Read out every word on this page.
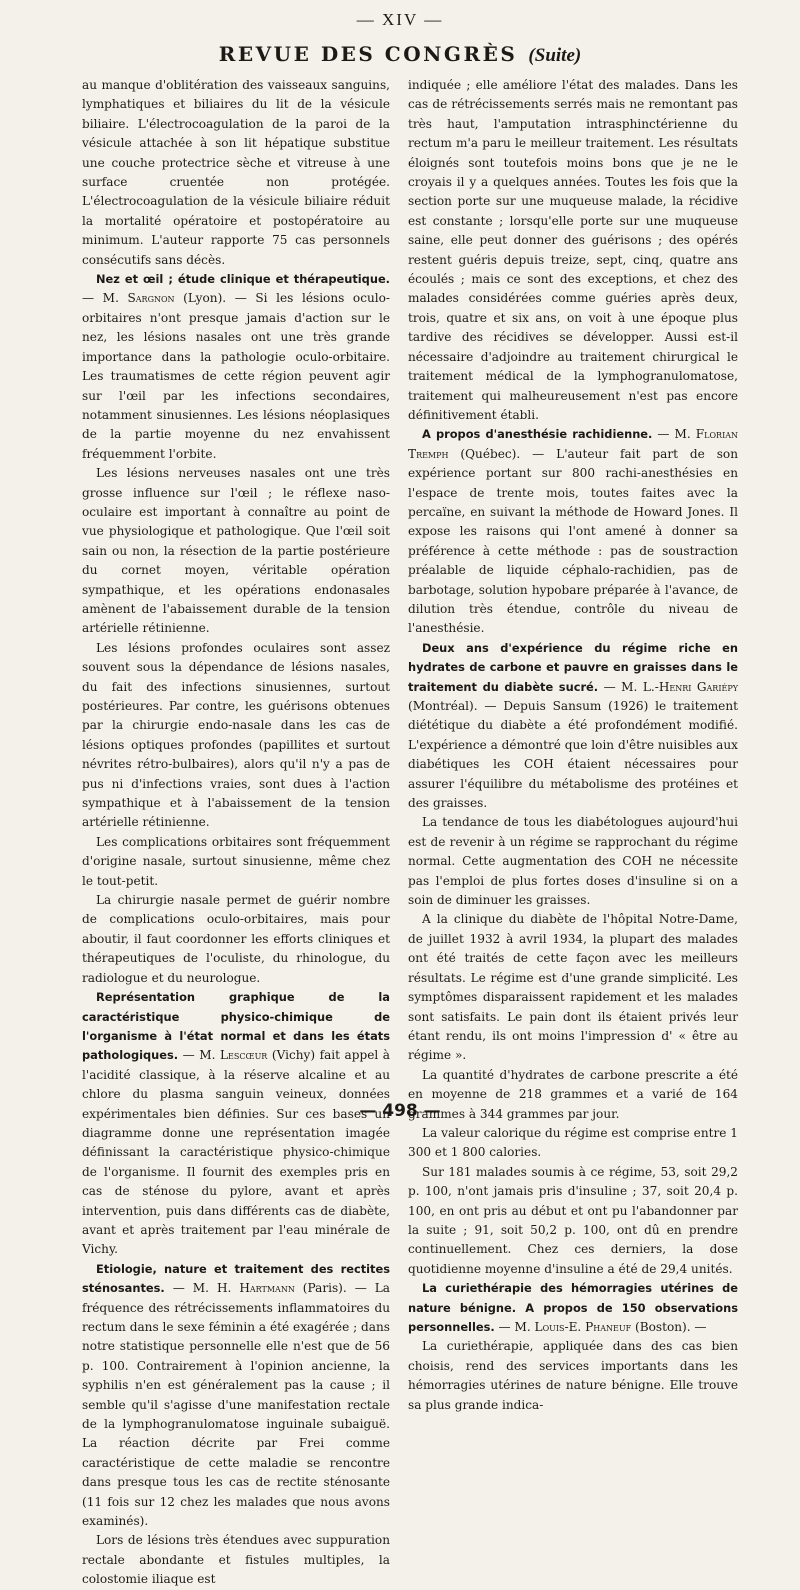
— XIV —
REVUE DES CONGRÈS (Suite)

au manque d'oblitération des vaisseaux sanguins, lymphatiques et biliaires du lit de la vésicule biliaire. L'électrocoagulation de la paroi de la vésicule attachée à son lit hépatique substitue une couche protectrice sèche et vitreuse à une surface cruentée non protégée. L'électrocoagulation de la vésicule biliaire réduit la mortalité opératoire et postopératoire au minimum. L'auteur rapporte 75 cas personnels consécutifs sans décès.

Nez et œil ; étude clinique et thérapeutique.— M. Sargnon (Lyon). — Si les lésions oculo-orbitaires n'ont presque jamais d'action sur le nez, les lésions nasales ont une très grande importance dans la pathologie oculo-orbitaire. Les traumatismes de cette région peuvent agir sur l'œil par les infections secondaires, notamment sinusiennes. Les lésions néoplasiques de la partie moyenne du nez envahissent fréquemment l'orbite.

Les lésions nerveuses nasales ont une très grosse influence sur l'œil ; le réflexe naso-oculaire est important à connaître au point de vue physiologique et pathologique. Que l'œil soit sain ou non, la résection de la partie postérieure du cornet moyen, véritable opération sympathique, et les opérations endonasales amènent de l'abaissement durable de la tension artérielle rétinienne.

Les lésions profondes oculaires sont assez souvent sous la dépendance de lésions nasales, du fait des infections sinusiennes, surtout postérieures. Par contre, les guérisons obtenues par la chirurgie endo-nasale dans les cas de lésions optiques profondes (papillites et surtout névrites rétro-bulbaires), alors qu'il n'y a pas de pus ni d'infections vraies, sont dues à l'action sympathique et à l'abaissement de la tension artérielle rétinienne.

Les complications orbitaires sont fréquemment d'origine nasale, surtout sinusienne, même chez le tout-petit.

La chirurgie nasale permet de guérir nombre de complications oculo-orbitaires, mais pour aboutir, il faut coordonner les efforts cliniques et thérapeutiques de l'oculiste, du rhinologue, du radiologue et du neurologue.

Représentation graphique de la caractéristique physico-chimique de l'organisme à l'état normal et dans les états pathologiques. — M. Lescœur (Vichy) fait appel à l'acidité classique, à la réserve alcaline et au chlore du plasma sanguin veineux, données expérimentales bien définies. Sur ces bases un diagramme donne une représentation imagée définissant la caractéristique physico-chimique de l'organisme. Il fournit des exemples pris en cas de sténose du pylore, avant et après intervention, puis dans différents cas de diabète, avant et après traitement par l'eau minérale de Vichy.

Etiologie, nature et traitement des rectites sténosantes. — M. H. Hartmann (Paris). — La fréquence des rétrécissements inflammatoires du rectum dans le sexe féminin a été exagérée ; dans notre statistique personnelle elle n'est que de 56 p. 100. Contrairement à l'opinion ancienne, la syphilis n'en est généralement pas la cause ; il semble qu'il s'agisse d'une manifestation rectale de la lymphogranulomatose inguinale subaiguë. La réaction décrite par Frei comme caractéristique de cette maladie se rencontre dans presque tous les cas de rectite sténosante (11 fois sur 12 chez les malades que nous avons examinés).

Lors de lésions très étendues avec suppuration rectale abondante et fistules multiples, la colostomie iliaque est

indiquée ; elle améliore l'état des malades. Dans les cas de rétrécissements serrés mais ne remontant pas très haut, l'amputation intrasphinctérienne du rectum m'a paru le meilleur traitement. Les résultats éloignés sont toutefois moins bons que je ne le croyais il y a quelques années. Toutes les fois que la section porte sur une muqueuse malade, la récidive est constante ; lorsqu'elle porte sur une muqueuse saine, elle peut donner des guérisons ; des opérés restent guéris depuis treize, sept, cinq, quatre ans écoulés ; mais ce sont des exceptions, et chez des malades considérées comme guéries après deux, trois, quatre et six ans, on voit à une époque plus tardive des récidives se développer. Aussi est-il nécessaire d'adjoindre au traitement chirurgical le traitement médical de la lymphogranulomatose, traitement qui malheureusement n'est pas encore définitivement établi.

A propos d'anesthésie rachidienne. — M. Florian Tremph (Québec). — L'auteur fait part de son expérience portant sur 800 rachi-anesthésies en l'espace de trente mois, toutes faites avec la percaïne, en suivant la méthode de Howard Jones. Il expose les raisons qui l'ont amené à donner sa préférence à cette méthode : pas de soustraction préalable de liquide céphalo-rachidien, pas de barbotage, solution hypobare préparée à l'avance, de dilution très étendue, contrôle du niveau de l'anesthésie.

Deux ans d'expérience du régime riche en hydrates de carbone et pauvre en graisses dans le traitement du diabète sucré. — M. L.-Henri Gariépy (Montréal). — Depuis Sansum (1926) le traitement diététique du diabète a été profondément modifié. L'expérience a démontré que loin d'être nuisibles aux diabétiques les COH étaient nécessaires pour assurer l'équilibre du métabolisme des protéines et des graisses.

La tendance de tous les diabétologues aujourd'hui est de revenir à un régime se rapprochant du régime normal. Cette augmentation des COH ne nécessite pas l'emploi de plus fortes doses d'insuline si on a soin de diminuer les graisses.

A la clinique du diabète de l'hôpital Notre-Dame, de juillet 1932 à avril 1934, la plupart des malades ont été traités de cette façon avec les meilleurs résultats. Le régime est d'une grande simplicité. Les symptômes disparaissent rapidement et les malades sont satisfaits. Le pain dont ils étaient privés leur étant rendu, ils ont moins l'impression d' « être au régime ».

La quantité d'hydrates de carbone prescrite a été en moyenne de 218 grammes et a varié de 164 grammes à 344 grammes par jour.

La valeur calorique du régime est comprise entre 1 300 et 1 800 calories.

Sur 181 malades soumis à ce régime, 53, soit 29,2 p. 100, n'ont jamais pris d'insuline ; 37, soit 20,4 p. 100, en ont pris au début et ont pu l'abandonner par la suite ; 91, soit 50,2 p. 100, ont dû en prendre continuellement. Chez ces derniers, la dose quotidienne moyenne d'insuline a été de 29,4 unités.

La curiethérapie des hémorragies utérines de nature bénigne. A propos de 150 observations personnelles. — M. Louis-E. Phaneuf (Boston). —

La curiethérapie, appliquée dans des cas bien choisis, rend des services importants dans les hémorragies utérines de nature bénigne. Elle trouve sa plus grande indica-

— 498 —
